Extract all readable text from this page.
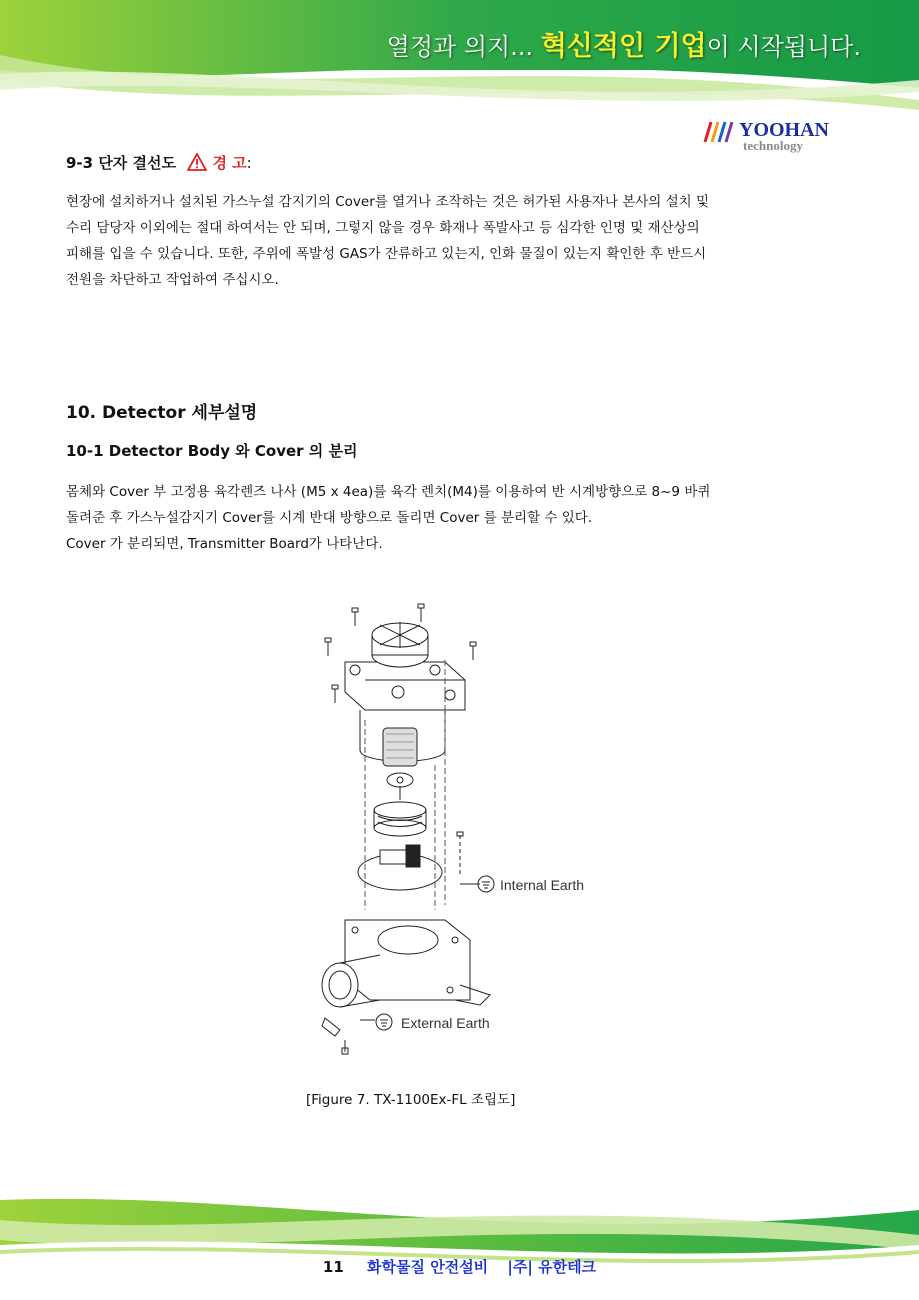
열정과 의지... 혁신적인 기업이 시작됩니다.
YOOHAN
technology
9-3 단자 결선도 경 고:
현장에 설치하거나 설치된 가스누설 감지기의 Cover를 열거나 조작하는 것은 허가된 사용자나 본사의 설치 및
수리 담당자 이외에는 절대 하여서는 안 되며, 그렇지 않을 경우 화재나 폭발사고 등 심각한 인명 및 재산상의
피해를 입을 수 있습니다. 또한, 주위에 폭발성 GAS가 잔류하고 있는지, 인화 물질이 있는지 확인한 후 반드시
전원을 차단하고 작업하여 주십시오.
10. Detector 세부설명
10-1 Detector Body 와 Cover 의 분리
몸체와 Cover 부 고정용 육각렌즈 나사 (M5 x 4ea)를 육각 렌치(M4)를 이용하여 반 시계방향으로 8~9 바퀴
돌려준 후 가스누설감지기 Cover를 시계 반대 방향으로 돌리면 Cover 를 분리할 수 있다.
Cover 가 분리되면, Transmitter Board가 나타난다.
Internal Earth
External Earth
[Figure 7. TX-1100Ex-FL 조립도]
11 화학물질 안전설비 |주| 유한테크
